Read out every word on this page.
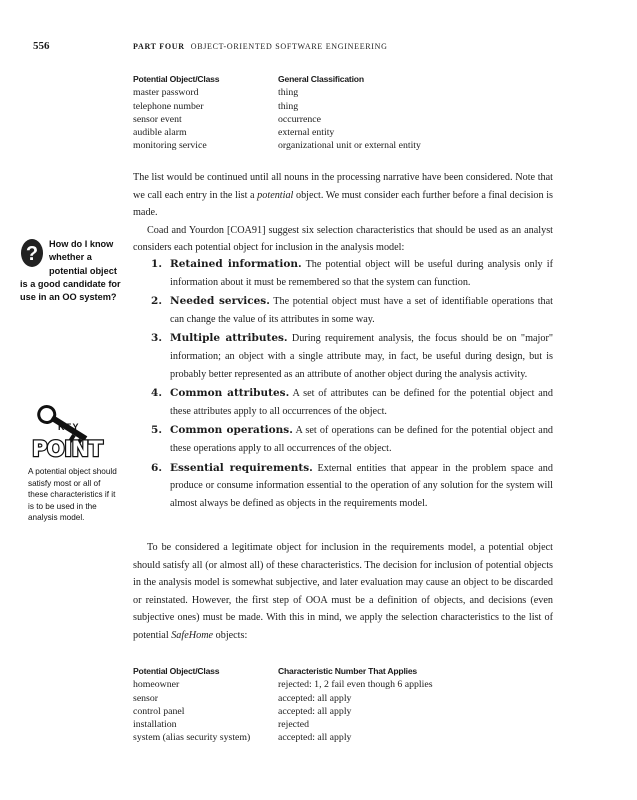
556	PART FOUR OBJECT-ORIENTED SOFTWARE ENGINEERING
Potential Object/Class	General Classification
master password	thing
telephone number	thing
sensor event	occurrence
audible alarm	external entity
monitoring service	organizational unit or external entity

The list would be continued until all nouns in the processing narrative have been considered. Note that we call each entry in the list a potential object. We must consider each further before a final decision is made.

Coad and Yourdon [COA91] suggest six selection characteristics that should be used as an analyst considers each potential object for inclusion in the analysis model:

? How do I know whether a potential object is a good candidate for use in an OO system?
1. Retained information. The potential object will be useful during analysis only if information about it must be remembered so that the system can function.
2. Needed services. The potential object must have a set of identifiable operations that can change the value of its attributes in some way.
3. Multiple attributes. During requirement analysis, the focus should be on "major" information; an object with a single attribute may, in fact, be useful during design, but is probably better represented as an attribute of another object during the analysis activity.
4. Common attributes. A set of attributes can be defined for the potential object and these attributes apply to all occurrences of the object.
5. Common operations. A set of operations can be defined for the potential object and these operations apply to all occurrences of the object.
6. Essential requirements. External entities that appear in the problem space and produce or consume information essential to the operation of any solution for the system will almost always be defined as objects in the requirements model.
KEY
POINT
A potential object should satisfy most or all of these characteristics if it is to be used in the analysis model.

To be considered a legitimate object for inclusion in the requirements model, a potential object should satisfy all (or almost all) of these characteristics. The decision for inclusion of potential objects in the analysis model is somewhat subjective, and later evaluation may cause an object to be discarded or reinstated. However, the first step of OOA must be a definition of objects, and decisions (even subjective ones) must be made. With this in mind, we apply the selection characteristics to the list of potential SafeHome objects:

Potential Object/Class	Characteristic Number That Applies
homeowner	rejected: 1, 2 fail even though 6 applies
sensor	accepted: all apply
control panel	accepted: all apply
installation	rejected
system (alias security system)	accepted: all apply
